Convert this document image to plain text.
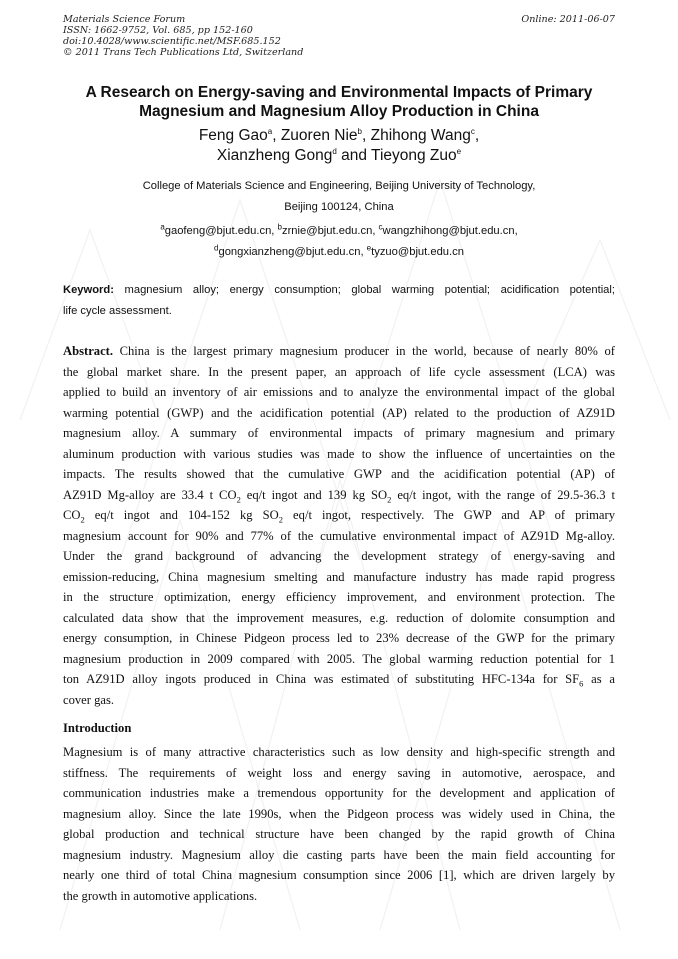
Materials Science Forum
ISSN: 1662-9752, Vol. 685, pp 152-160
doi:10.4028/www.scientific.net/MSF.685.152
© 2011 Trans Tech Publications Ltd, Switzerland
Online: 2011-06-07
A Research on Energy-saving and Environmental Impacts of Primary
Magnesium and Magnesium Alloy Production in China
Feng Gao$^a$, Zuoren Nie$^b$, Zhihong Wang$^c$,
Xianzheng Gong$^d$ and Tieyong Zuo$^e$
College of Materials Science and Engineering, Beijing University of Technology,
Beijing 100124, China
$^a$gaofeng@bjut.edu.cn, $^b$zrnie@bjut.edu.cn, $^c$wangzhihong@bjut.edu.cn,
$^d$gongxianzheng@bjut.edu.cn, $^e$tyzuo@bjut.edu.cn
Keyword: magnesium alloy; energy consumption; global warming potential; acidification potential;
life cycle assessment.
Abstract. China is the largest primary magnesium producer in the world, because of nearly 80% of
the global market share. In the present paper, an approach of life cycle assessment (LCA) was
applied to build an inventory of air emissions and to analyze the environmental impact of the global
warming potential (GWP) and the acidification potential (AP) related to the production of AZ91D
magnesium alloy. A summary of environmental impacts of primary magnesium and primary
aluminum production with various studies was made to show the influence of uncertainties on the
impacts. The results showed that the cumulative GWP and the acidification potential (AP) of
AZ91D Mg-alloy are 33.4 t $CO_2$ eq/t ingot and 139 kg $SO_2$ eq/t ingot, with the range of 29.5-36.3 t
$CO_2$ eq/t ingot and 104-152 kg $SO_2$ eq/t ingot, respectively. The GWP and AP of primary
magnesium account for 90% and 77% of the cumulative environmental impact of AZ91D Mg-alloy.
Under the grand background of advancing the development strategy of energy-saving and
emission-reducing, China magnesium smelting and manufacture industry has made rapid progress
in the structure optimization, energy efficiency improvement, and environment protection. The
calculated data show that the improvement measures, e.g. reduction of dolomite consumption and
energy consumption, in Chinese Pidgeon process led to 23% decrease of the GWP for the primary
magnesium production in 2009 compared with 2005. The global warming reduction potential for 1
ton AZ91D alloy ingots produced in China was estimated of substituting HFC-134a for $SF_6$ as a
cover gas.
Introduction
Magnesium is of many attractive characteristics such as low density and high-specific strength and
stiffness. The requirements of weight loss and energy saving in automotive, aerospace, and
communication industries make a tremendous opportunity for the development and application of
magnesium alloy. Since the late 1990s, when the Pidgeon process was widely used in China, the
global production and technical structure have been changed by the rapid growth of China
magnesium industry. Magnesium alloy die casting parts have been the main field accounting for
nearly one third of total China magnesium consumption since 2006 [1], which are driven largely by
the growth in automotive applications.
